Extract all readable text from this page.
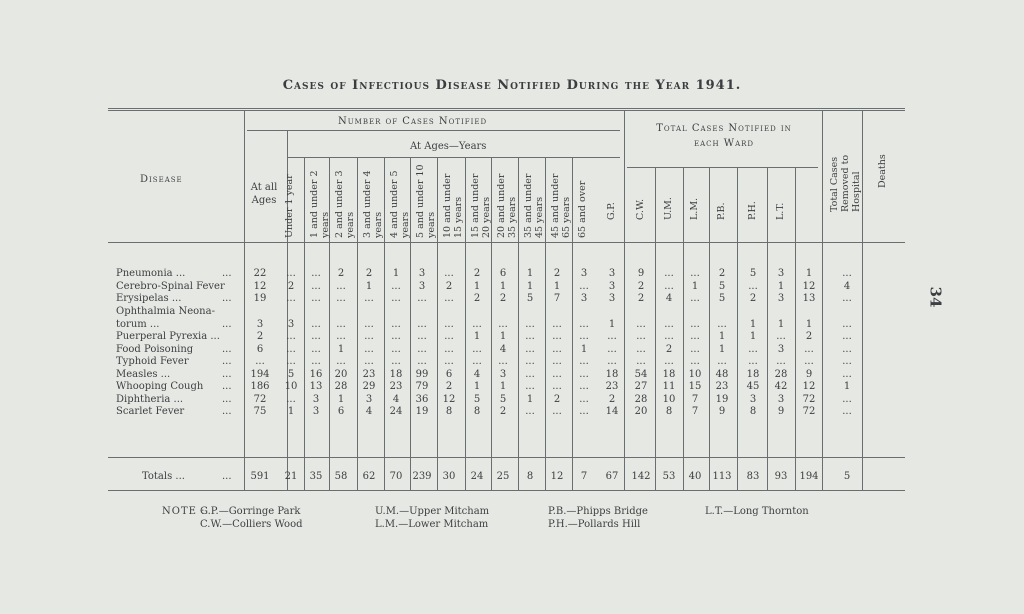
Cases of Infectious Disease Notified During the Year 1941.
34
Disease
Number of Cases Notified
At Ages—Years
At all Ages
Total Cases Notified in each Ward
Total Cases Removed to Hospital
Deaths
Under 1 year 1 and under 2 years 2 and under 3 years 3 and under 4 years 4 and under 5 years 5 and under 10 years 10 and under 15 years 15 and under 20 years 20 and under 35 years 35 and under 45 years 45 and under 65 years 65 and over G.P. C.W. U.M. L.M. P.B. P.H. L.T.
Pneumonia ...	...	22	...	...	2	2	1	3	...	2	6	1	2	3	3	9	...	...	2	5	3	1	...
Cerebro-Spinal Fever	12	2	...	...	1	...	3	2	1	1	1	1	...	3	2	...	1	5	...	1	12	4
Erysipelas ...	...	19	...	...	...	...	...	...	...	2	2	5	7	3	3	2	4	...	5	2	3	13	...
Ophthalmia Neona-
torum ...	...	3	3	...	...	...	...	...	...	...	...	...	...	...	1	...	...	...	...	1	1	1	...
Puerperal Pyrexia ...	2	...	...	...	...	...	...	...	1	1	...	...	...	...	...	...	...	1	1	...	2	...
Food Poisoning	...	6	...	...	1	...	...	...	...	...	4	...	...	1	...	...	2	...	1	...	3	...	...
Typhoid Fever	...	...	...	...	...	...	...	...	...	...	...	...	...	...	...	...	...	...	...	...	...	...	...
Measles ...	... 194	5	16	20	23	18	99	6	4	3	...	...	...	18	54	18	10	48	18	28	9	...
Whooping Cough ... 186	10	13	28	29	23	79	2	1	1	...	...	...	23	27	11	15	23	45	42	12	1
Diphtheria ...	...	72	...	3	1	3	4	36	12	5	5	1	2	...	2	28	10	7	19	3	3	72	...
Scarlet Fever	...	75	1	3	6	4	24	19	8	8	2	...	...	...	14	20	8	7	9	8	9	72	...
Totals ...	... 591	21	35	58	62	70	239	30	24	25	8	12	7	67	142	53	40	113	83	93	194	5
NOTE :
G.P.—Gorringe Park
C.W.—Colliers Wood
U.M.—Upper Mitcham
L.M.—Lower Mitcham
P.B.—Phipps Bridge
P.H.—Pollards Hill
L.T.—Long Thornton
